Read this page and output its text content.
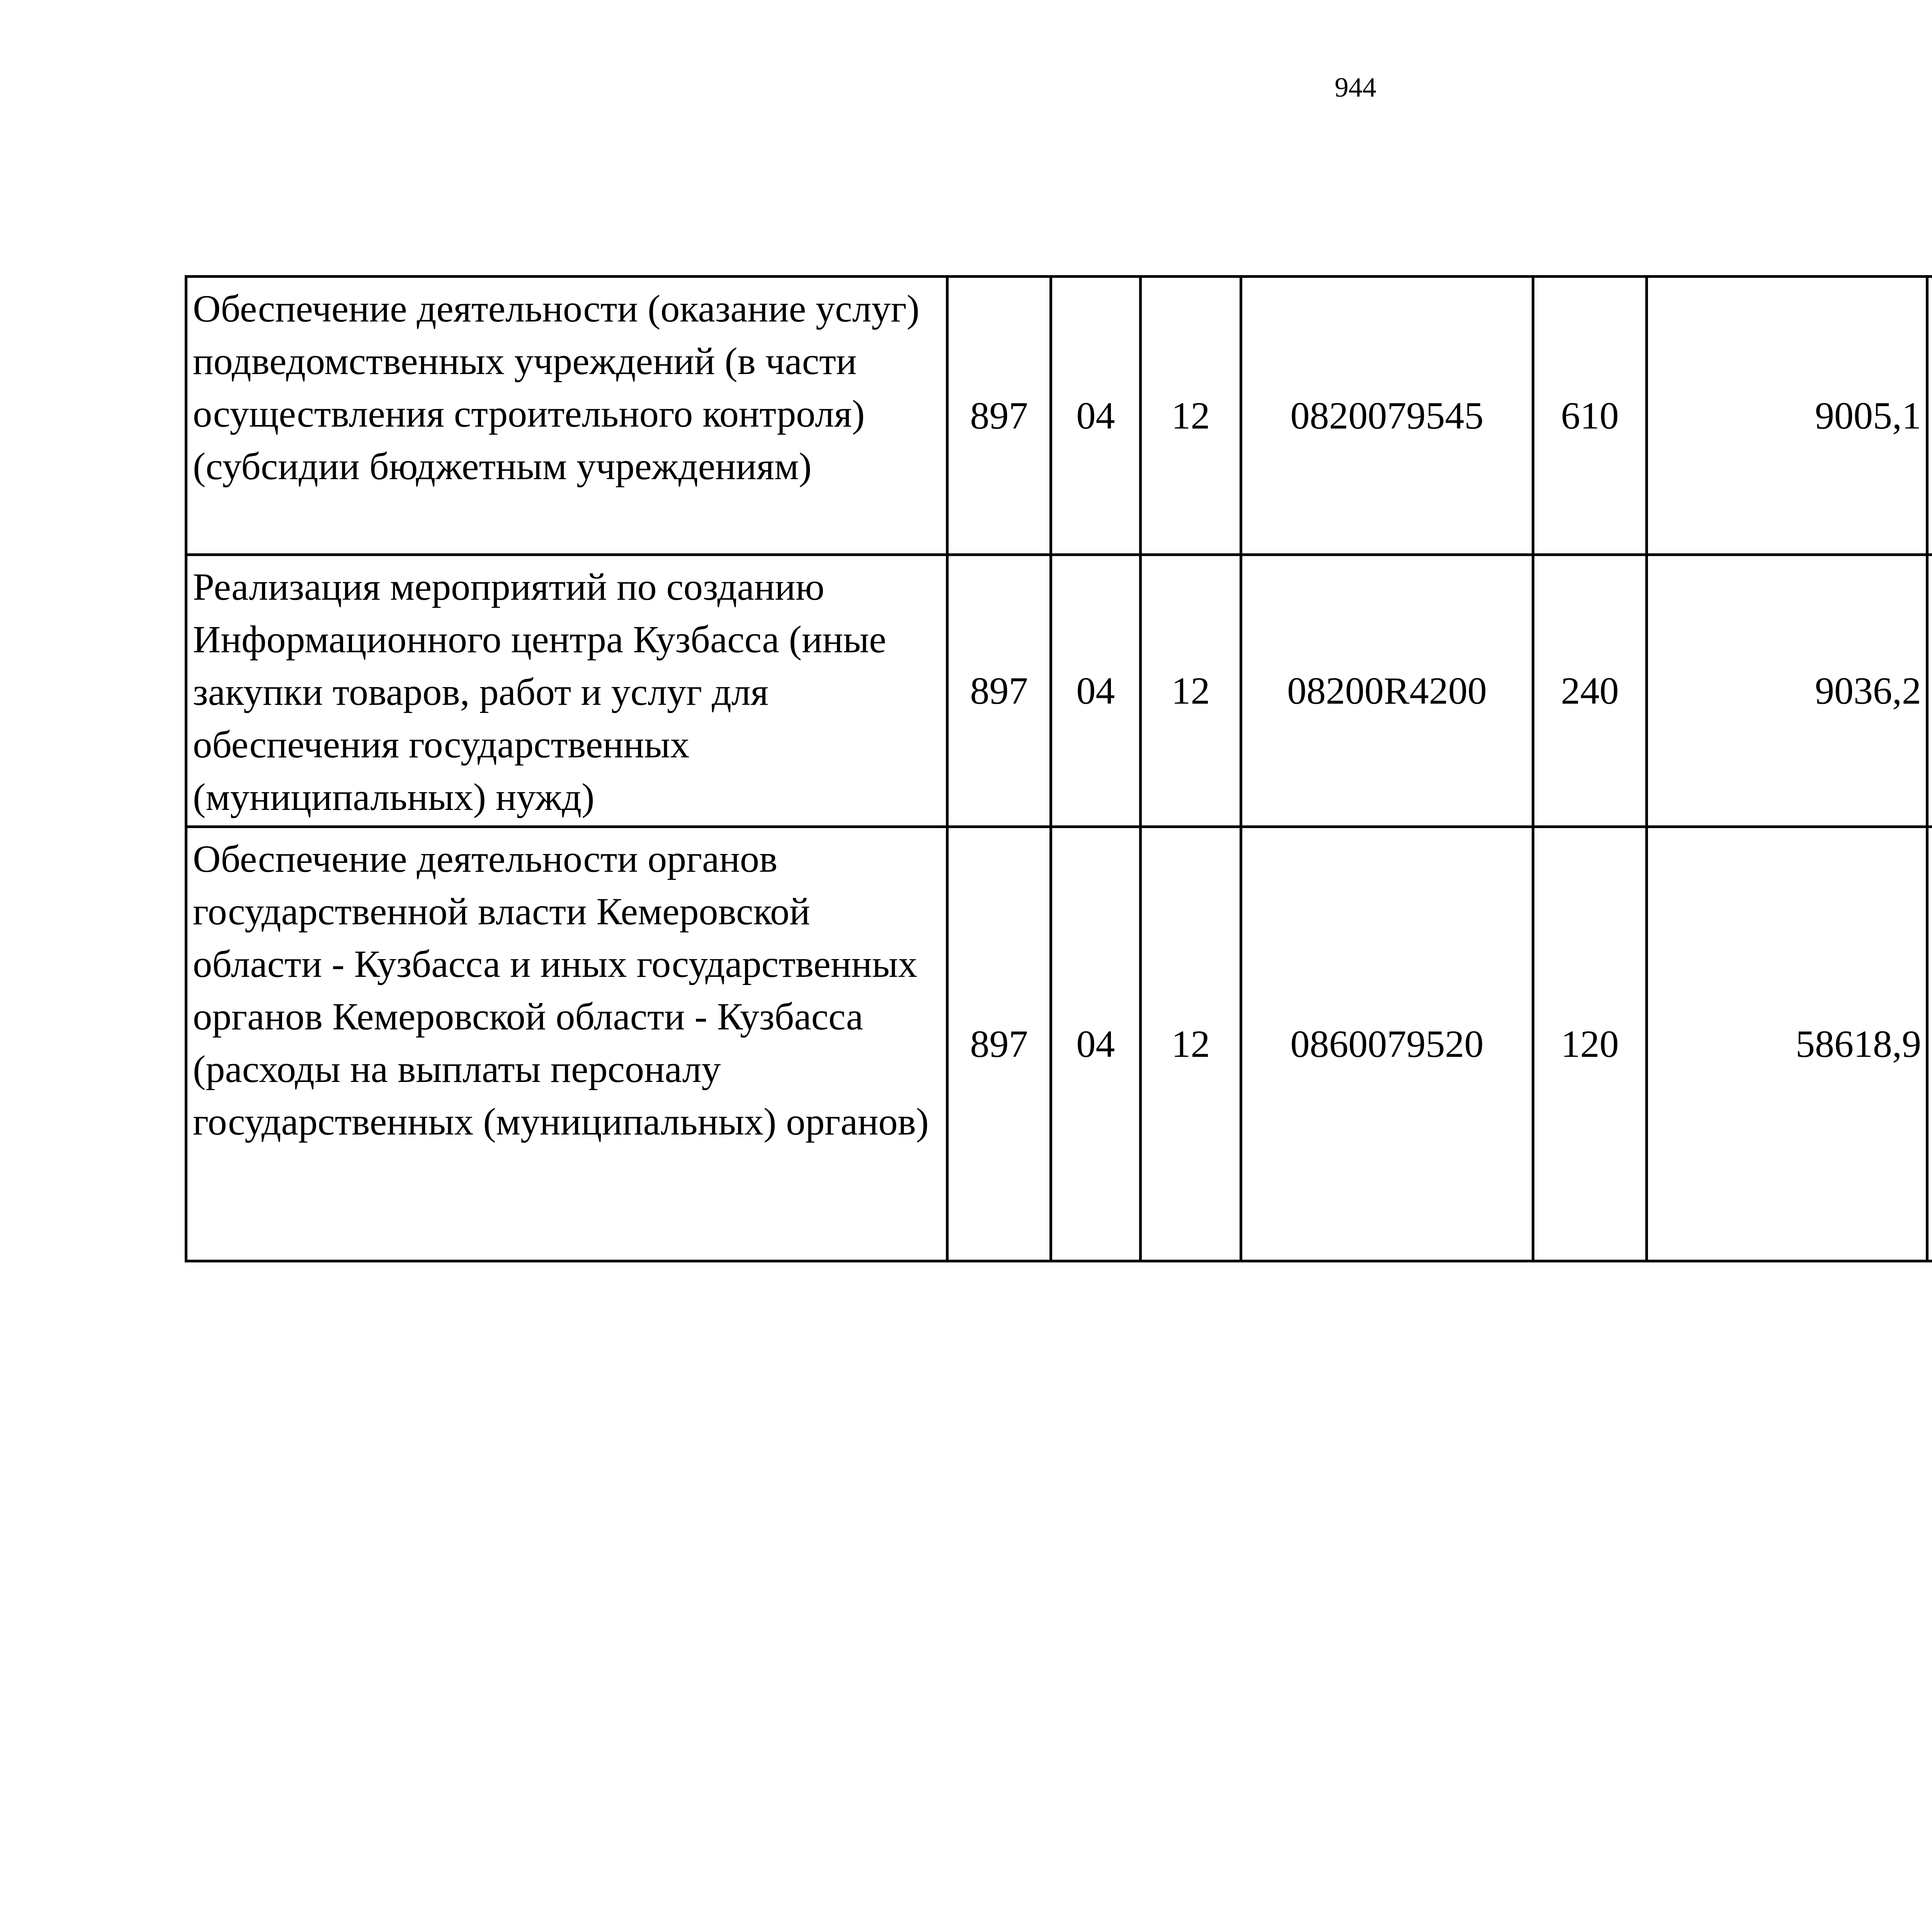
944
Обеспечение деятельности (оказание услуг) подведомственных учреждений (в части осуществления строительного контроля) (субсидии бюджетным учреждениям)	897	04	12	0820079545	610	9005,1		
Реализация мероприятий по созданию Информационного центра Кузбасса (иные закупки товаров, работ и услуг для обеспечения государственных (муниципальных) нужд)	897	04	12	08200R4200	240	9036,2		
Обеспечение деятельности органов государственной власти Кемеровской области - Кузбасса и иных государственных органов Кемеровской области - Кузбасса (расходы на выплаты персоналу государственных (муниципальных) органов)	897	04	12	0860079520	120	58618,9		
